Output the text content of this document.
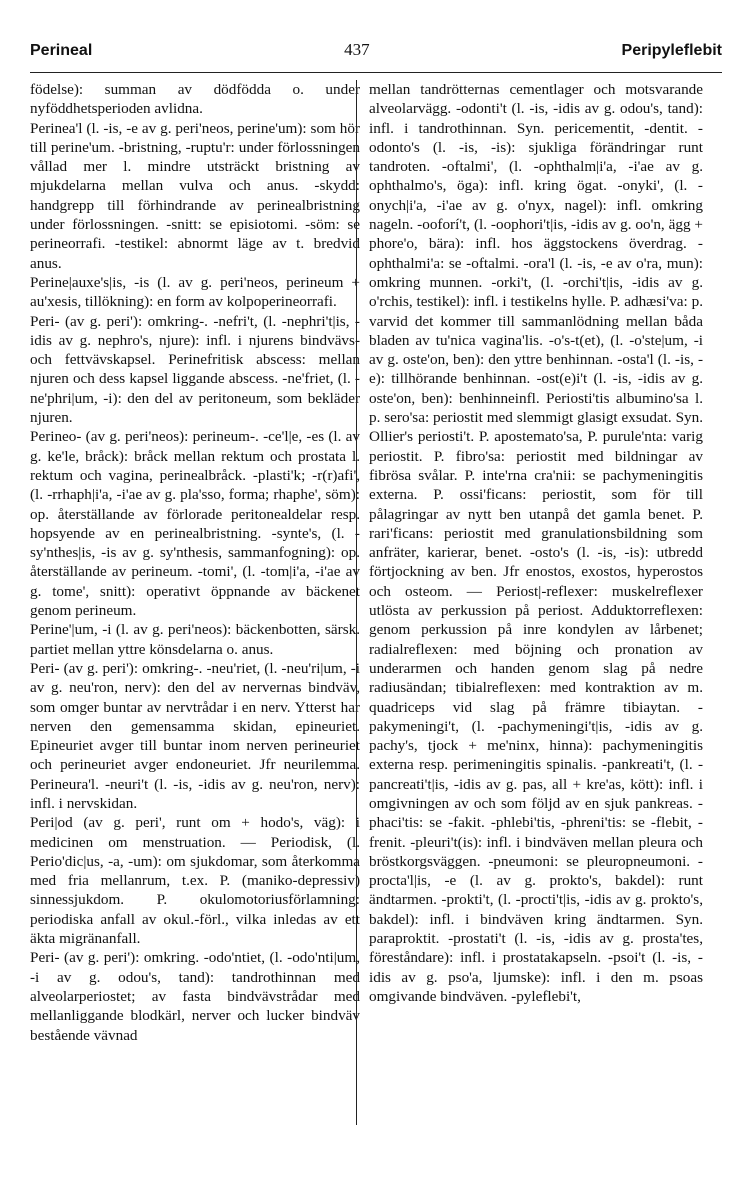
Perineal	437	Peripyleflebit

födelse): summan av dödfödda o. under nyföddhetsperioden avlidna.

Perinea'l (l. -is, -e av g. peri'neos, perine'um): som hör till perine'um. -bristning, -ruptu'r: under förlossningen vållad mer l. mindre utsträckt bristning av mjukdelarna mellan vulva och anus. -skydd: handgrepp till förhindrande av perinealbristning under förlossningen. -snitt: se episiotomi. -söm: se perineorrafi. -testikel: abnormt läge av t. bredvid anus.

Perine|auxe's|is, -is (l. av g. peri'neos, perineum + au'xesis, tillökning): en form av kolpoperineorrafi.

Peri- (av g. peri'): omkring-. -nefri't, (l. -nephri't|is, -idis av g. nephro's, njure): infl. i njurens bindvävs- och fettvävskapsel. Perinefritisk abscess: mellan njuren och dess kapsel liggande abscess. -ne'friet, (l. -ne'phri|um, -i): den del av peritoneum, som bekläder njuren.

Perineo- (av g. peri'neos): perineum-. -ce'l|e, -es (l. av g. ke'le, bråck): bråck mellan rektum och prostata l. rektum och vagina, perinealbråck. -plasti'k; -r(r)afi', (l. -rrhaph|i'a, -i'ae av g. pla'sso, forma; rhaphe', söm): op. återställande av förlorade peritonealdelar resp. hopsyende av en perinealbristning. -synte's, (l. -sy'nthes|is, -is av g. sy'nthesis, sammanfogning): op. återställande av perineum. -tomi', (l. -tom|i'a, -i'ae av g. tome', snitt): operativt öppnande av bäckenet genom perineum.

Perine'|um, -i (l. av g. peri'neos): bäckenbotten, särsk. partiet mellan yttre könsdelarna o. anus.

Peri- (av g. peri'): omkring-. -neu'riet, (l. -neu'ri|um, -i av g. neu'ron, nerv): den del av nervernas bindväv, som omger buntar av nervtrådar i en nerv. Ytterst har nerven den gemensamma skidan, epineuriet. Epineuriet avger till buntar inom nerven perineuriet och perineuriet avger endoneuriet. Jfr neurilemma. Perineura'l. -neuri't (l. -is, -idis av g. neu'ron, nerv): infl. i nervskidan.

Peri|od (av g. peri', runt om + hodo's, väg): i medicinen om menstruation. — Periodisk, (l. Perio'dic|us, -a, -um): om sjukdomar, som återkomma med fria mellanrum, t.ex. P. (maniko-depressiv) sinnessjukdom. P. okulomotoriusförlamning: periodiska anfall av okul.-förl., vilka inledas av ett äkta migränanfall.

Peri- (av g. peri'): omkring. -odo'ntiet, (l. -odo'nti|um, -i av g. odou's, tand): tandrothinnan med alveolarperiostet; av fasta bindvävstrådar med mellanliggande blodkärl, nerver och lucker bindväv bestående vävnad

mellan tandrötternas cementlager och motsvarande alveolarvägg. -odonti't (l. -is, -idis av g. odou's, tand): infl. i tandrothinnan. Syn. pericementit, -dentit. -odonto's (l. -is, -is): sjukliga förändringar runt tandroten. -oftalmi', (l. -ophthalm|i'a, -i'ae av g. ophthalmo's, öga): infl. kring ögat. -onyki', (l. -onych|i'a, -i'ae av g. o'nyx, nagel): infl. omkring nageln. -ooforí't, (l. -oophori't|is, -idis av g. oo'n, ägg + phore'o, bära): infl. hos äggstockens överdrag. -ophthalmi'a: se -oftalmi. -ora'l (l. -is, -e av o'ra, mun): omkring munnen. -orki't, (l. -orchi't|is, -idis av g. o'rchis, testikel): infl. i testikelns hylle. P. adhæsi'va: p. varvid det kommer till sammanlödning mellan båda bladen av tu'nica vagina'lis. -o's-t(et), (l. -o'ste|um, -i av g. oste'on, ben): den yttre benhinnan. -osta'l (l. -is, -e): tillhörande benhinnan. -ost(e)i't (l. -is, -idis av g. oste'on, ben): benhinneinfl. Periosti'tis albumino'sa l. p. sero'sa: periostit med slemmigt glasigt exsudat. Syn. Ollier's periosti't. P. apostemato'sa, P. purule'nta: varig periostit. P. fibro'sa: periostit med bildningar av fibrösa svålar. P. inte'rna cra'nii: se pachymeningitis externa. P. ossi'ficans: periostit, som för till pålagringar av nytt ben utanpå det gamla benet. P. rari'ficans: periostit med granulationsbildning som anfräter, karierar, benet. -osto's (l. -is, -is): utbredd förtjockning av ben. Jfr enostos, exostos, hyperostos och osteom. — Periost|-reflexer: muskelreflexer utlösta av perkussion på periost. Adduktorreflexen: genom perkussion på inre kondylen av lårbenet; radialreflexen: med böjning och pronation av underarmen och handen genom slag på nedre radiusändan; tibialreflexen: med kontraktion av m. quadriceps vid slag på främre tibiaytan. -pakymeningi't, (l. -pachymeningi't|is, -idis av g. pachy's, tjock + me'ninx, hinna): pachymeningitis externa resp. perimeningitis spinalis. -pankreati't, (l. -pancreati't|is, -idis av g. pas, all + kre'as, kött): infl. i omgivningen av och som följd av en sjuk pankreas. -phaci'tis: se -fakit. -phlebi'tis, -phreni'tis: se -flebit, -frenit. -pleuri't(is): infl. i bindväven mellan pleura och bröstkorgsväggen. -pneumoni: se pleuropneumoni. -procta'l|is, -e (l. av g. prokto's, bakdel): runt ändtarmen. -prokti't, (l. -procti't|is, -idis av g. prokto's, bakdel): infl. i bindväven kring ändtarmen. Syn. paraproktit. -prostati't (l. -is, -idis av g. prosta'tes, föreståndare): infl. i prostatakapseln. -psoi't (l. -is, -idis av g. pso'a, ljumske): infl. i den m. psoas omgivande bindväven. -pyleflebi't,
